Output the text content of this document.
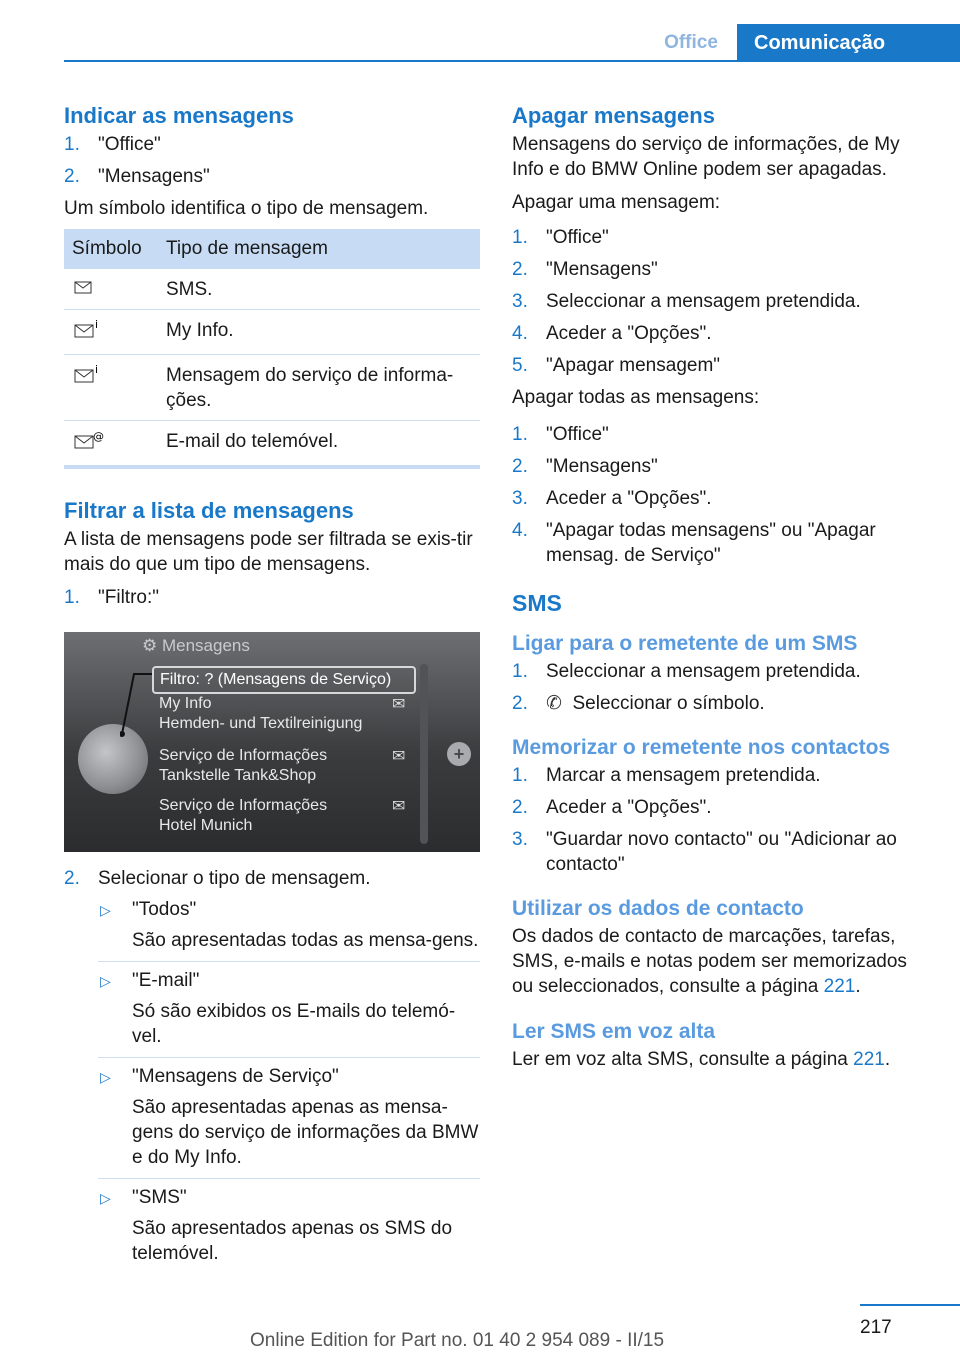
Office	Comunicação
Indicar as mensagens
1. "Office"
2. "Mensagens"

Um símbolo identifica o tipo de mensagem.

Símbolo	Tipo de mensagem
	SMS.

i	My Info.

i	Mensagem do serviço de informa-ções.

@	E-mail do telemóvel.
Filtrar a lista de mensagens

A lista de mensagens pode ser filtrada se exis-tir mais do que um tipo de mensagens.

1. "Filtro:"
+
⚙ Mensagens
Filtro: ? (Mensagens de Serviço)
My Info
Hemden- und Textilreinigung
✉
Serviço de Informações
Tankstelle Tank&Shop
✉
Serviço de Informações
Hotel Munich
✉
2. Selecionar o tipo de mensagem.
▷ "Todos"
São apresentadas todas as mensa-gens.
▷ "E-mail"
Só são exibidos os E-mails do telemó-vel.
▷ "Mensagens de Serviço"
São apresentadas apenas as mensa-gens do serviço de informações da BMW e do My Info.
▷ "SMS"
São apresentados apenas os SMS do telemóvel.
Apagar mensagens

Mensagens do serviço de informações, de My Info e do BMW Online podem ser apagadas.

Apagar uma mensagem:

1. "Office"
2. "Mensagens"
3. Seleccionar a mensagem pretendida.
4. Aceder a "Opções".
5. "Apagar mensagem"

Apagar todas as mensagens:

1. "Office"
2. "Mensagens"
3. Aceder a "Opções".
4. "Apagar todas mensagens" ou "Apagar mensag. de Serviço"
SMS
Ligar para o remetente de um SMS
1. Seleccionar a mensagem pretendida.
2. ✆ Seleccionar o símbolo.
Memorizar o remetente nos contactos
1. Marcar a mensagem pretendida.
2. Aceder a "Opções".
3. "Guardar novo contacto" ou "Adicionar ao contacto"
Utilizar os dados de contacto

Os dados de contacto de marcações, tarefas, SMS, e-mails e notas podem ser memorizados ou seleccionados, consulte a página 221.

Ler SMS em voz alta

Ler em voz alta SMS, consulte a página 221.

217
Online Edition for Part no. 01 40 2 954 089 - II/15
